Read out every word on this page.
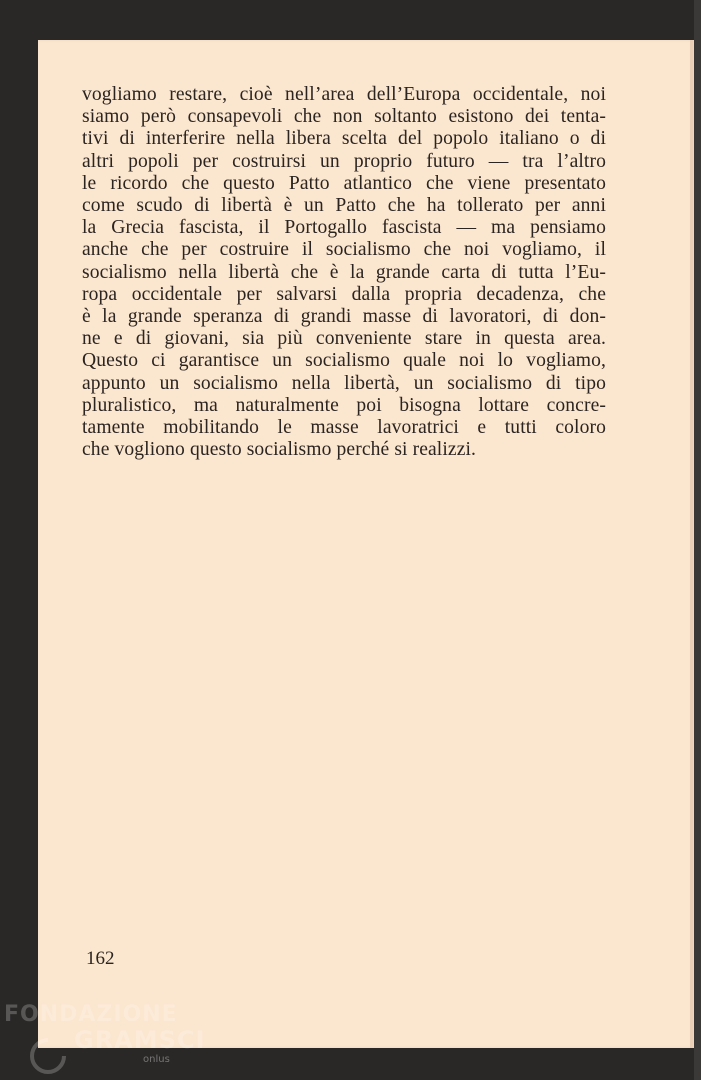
vogliamo restare, cioè nell’area dell’Europa occidentale, noi
siamo però consapevoli che non soltanto esistono dei tenta-
tivi di interferire nella libera scelta del popolo italiano o di
altri popoli per costruirsi un proprio futuro — tra l’altro
le ricordo che questo Patto atlantico che viene presentato
come scudo di libertà è un Patto che ha tollerato per anni
la Grecia fascista, il Portogallo fascista — ma pensiamo
anche che per costruire il socialismo che noi vogliamo, il
socialismo nella libertà che è la grande carta di tutta l’Eu-
ropa occidentale per salvarsi dalla propria decadenza, che
è la grande speranza di grandi masse di lavoratori, di don-
ne e di giovani, sia più conveniente stare in questa area.
Questo ci garantisce un socialismo quale noi lo vogliamo,
appunto un socialismo nella libertà, un socialismo di tipo
pluralistico, ma naturalmente poi bisogna lottare concre-
tamente mobilitando le masse lavoratrici e tutti coloro
che vogliono questo socialismo perché si realizzi.

162

FONDAZIONE
GRAMSCI
onlus
